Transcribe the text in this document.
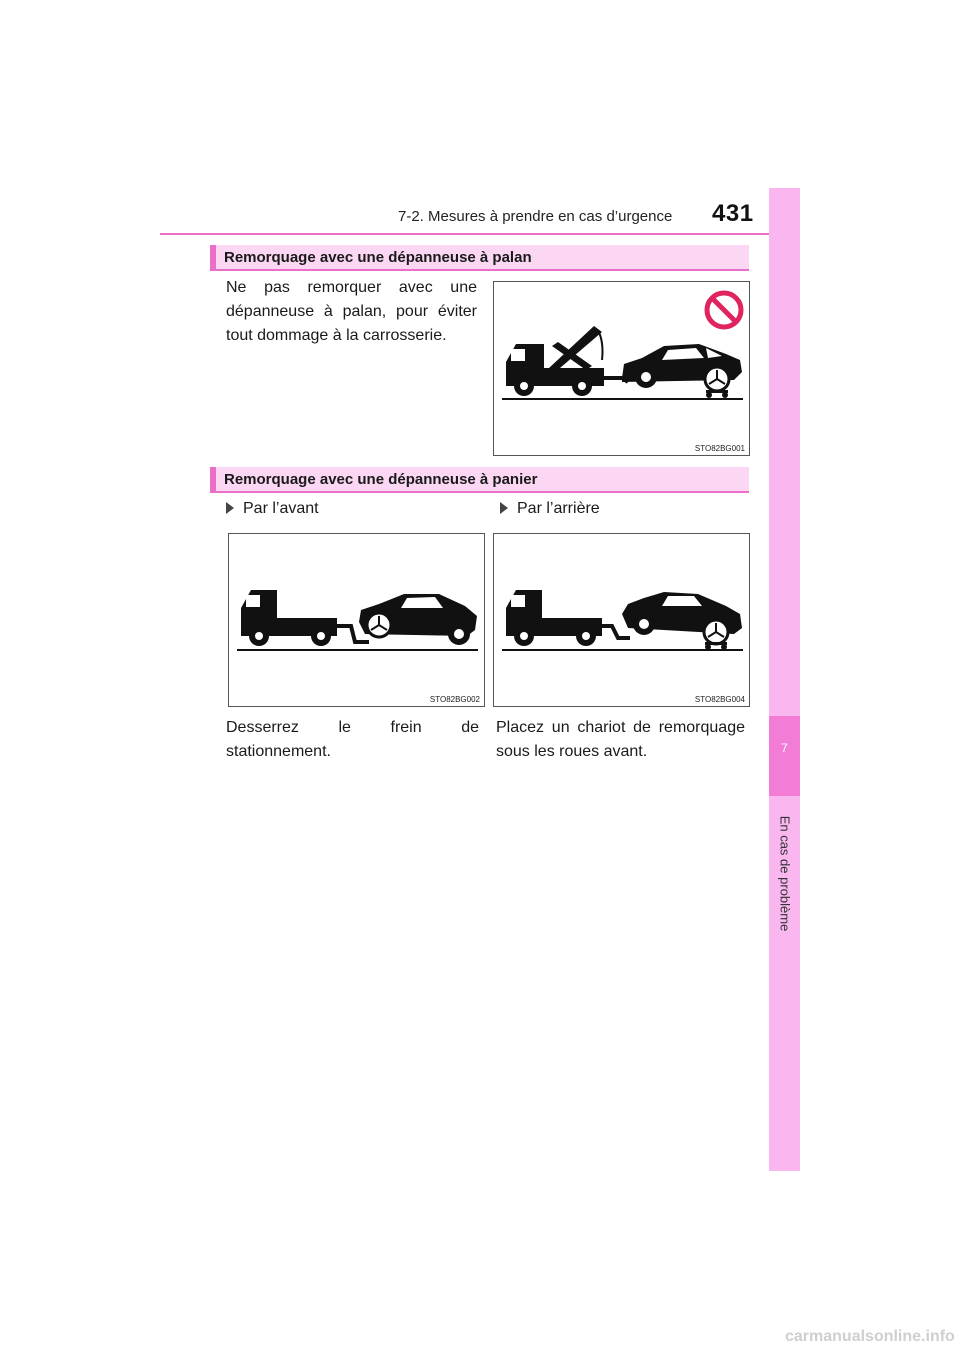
7-2. Mesures à prendre en cas d’urgence 431
7
En cas de problème
Remorquage avec une dépanneuse à palan
Ne pas remorquer avec une dépanneuse à palan, pour éviter tout dommage à la carrosserie.
STO82BG001
Remorquage avec une dépanneuse à panier
Par l’avant	Par l’arrière
STO82BG002	STO82BG004
Desserrez le frein de stationnement.
Placez un chariot de remorquage sous les roues avant.
carmanualsonline.info
